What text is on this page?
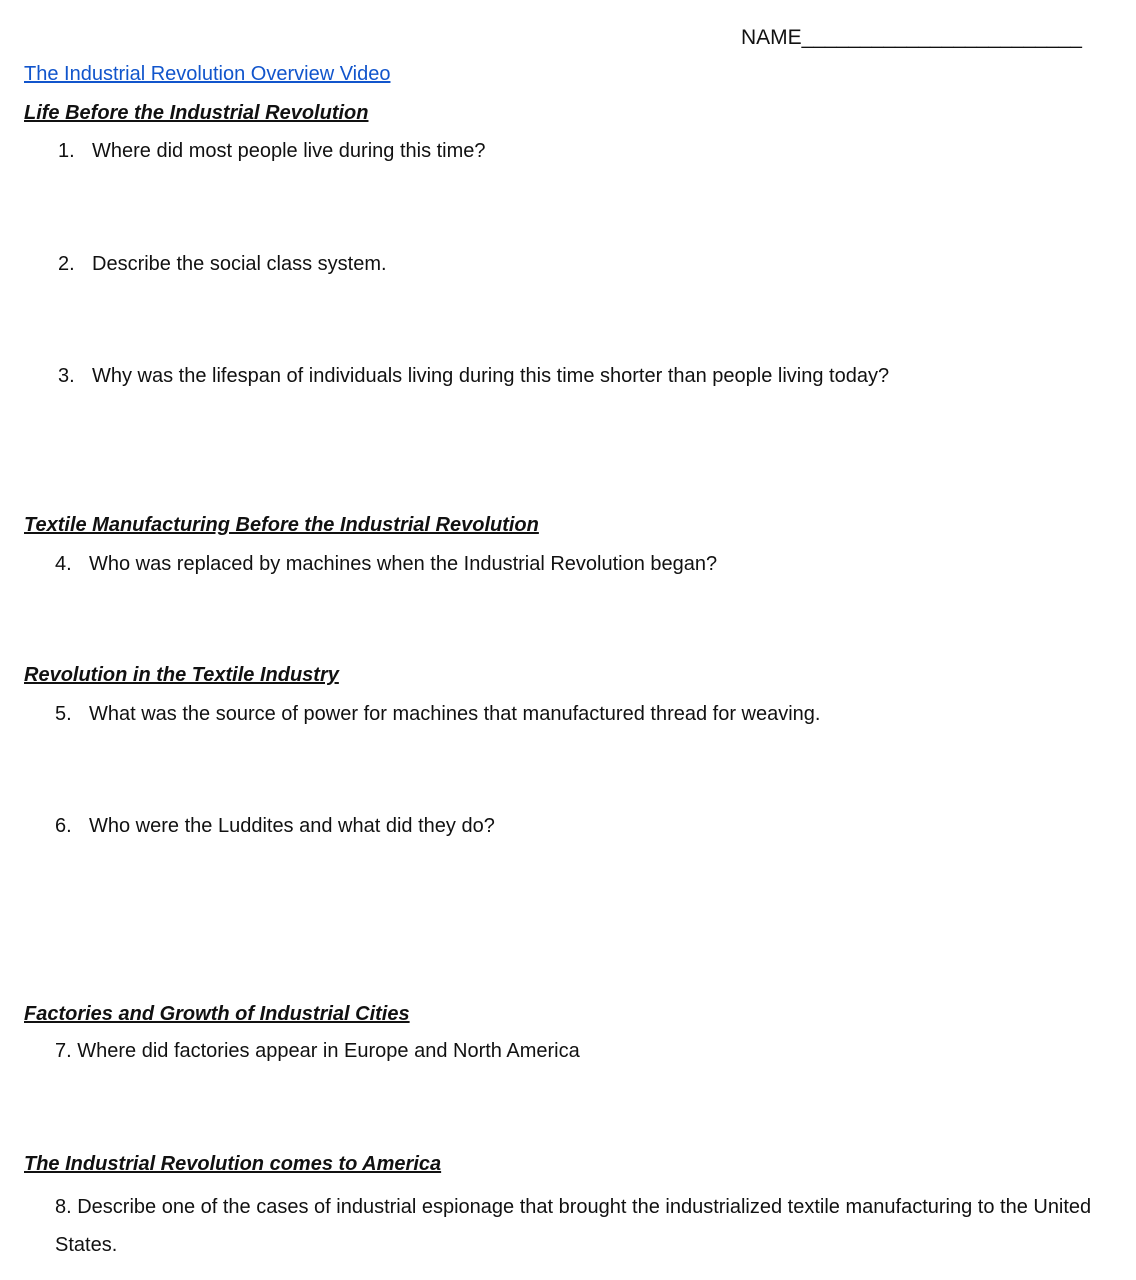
NAME________________________
The Industrial Revolution Overview Video
Life Before the Industrial Revolution
1. Where did most people live during this time?
2. Describe the social class system.
3. Why was the lifespan of individuals living during this time shorter than people living today?
Textile Manufacturing Before the Industrial Revolution
4. Who was replaced by machines when the Industrial Revolution began?
Revolution in the Textile Industry
5. What was the source of power for machines that manufactured thread for weaving.
6. Who were the Luddites and what did they do?
Factories and Growth of Industrial Cities
7. Where did factories appear in Europe and North America
The Industrial Revolution comes to America
8. Describe one of the cases of industrial espionage that brought the industrialized textile manufacturing to the United States.
